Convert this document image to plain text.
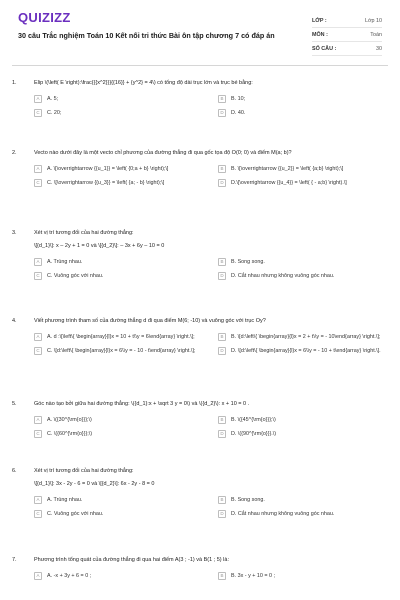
QUIZIZZ
30 câu Trắc nghiệm Toán 10 Kết nối tri thức Bài ôn tập chương 7 có đáp án
LỚP :	Lớp 10
MÔN :	Toán
SỐ CÂU :	30
1.	Elip \(\left( E \right):\frac{{{x^2}}}{{16}} + {y^2} = 4\) có tổng độ dài trục lớn và trục bé bằng:
A	A. 5;	B	B. 10;
C	C. 20;	D	D. 40.
2.	Vecto nào dưới đây là một vecto chỉ phương của đường thẳng đi qua gốc tọa độ O(0; 0) và điểm M(a; b)?
A	A. \[\overrightarrow {{u_1}} = \left( {0;a + b} \right);\]	B	B. \[\overrightarrow {{u_2}} = \left( {a;b} \right);\]
C	C. \[\overrightarrow {{u_3}} = \left( {a; - b} \right);\]	D	D.\[\overrightarrow {{u_4}} = \left( { - a;b} \right).\]
3.	Xét vị trí tương đối của hai đường thẳng:
\[{d_1}\]: x – 2y + 1 = 0 và \[{d_2}\]: – 3x + 6y – 10 = 0
A	A. Trùng nhau.	B	B. Song song.
C	C. Vuông góc với nhau.	D	D. Cắt nhau nhưng không vuông góc nhau.
4.	Viết phương trình tham số của đường thẳng d đi qua điểm M(6; -10) và vuông góc với trục Oy?
A	A. d :\[\left\{ \begin{array}{l}x = 10 + t\\y = 6\end{array} \right.\];	B	B. \[d:\left\{ \begin{array}{l}x = 2 + t\\y = - 10\end{array} \right.\];
C	C. \[d:\left\{ \begin{array}{l}x = 6\\y = - 10 - t\end{array} \right.\];	D	D. \[d:\left\{ \begin{array}{l}x = 6\\y = - 10 + t\end{array} \right.\].
5.	Góc nào tạo bởi giữa hai đường thẳng: \({d_1}:x + \sqrt 3 y = 0\) và \({d_2}\): x + 10 = 0 .
A	A. \({30^{\rm{o}}};\)	B	B. \({45^{\rm{o}}};\)
C	C. \({60^{\rm{o}}};\)	D	D. \({90^{\rm{o}}}.\)
6.	Xét vị trí tương đối của hai đường thẳng:
\[{d_1}\]: 3x - 2y - 6 = 0 và \[{d_2}\]: 6x - 2y - 8 = 0
A	A. Trùng nhau.	B	B. Song song.
C	C. Vuông góc với nhau.	D	D. Cắt nhau nhưng không vuông góc nhau.
7.	Phương trình tổng quát của đường thẳng đi qua hai điểm A(3 ; -1) và B(1 ; 5) là:
A	A. -x + 3y + 6 = 0 ;	B	B. 3x - y + 10 = 0 ;
